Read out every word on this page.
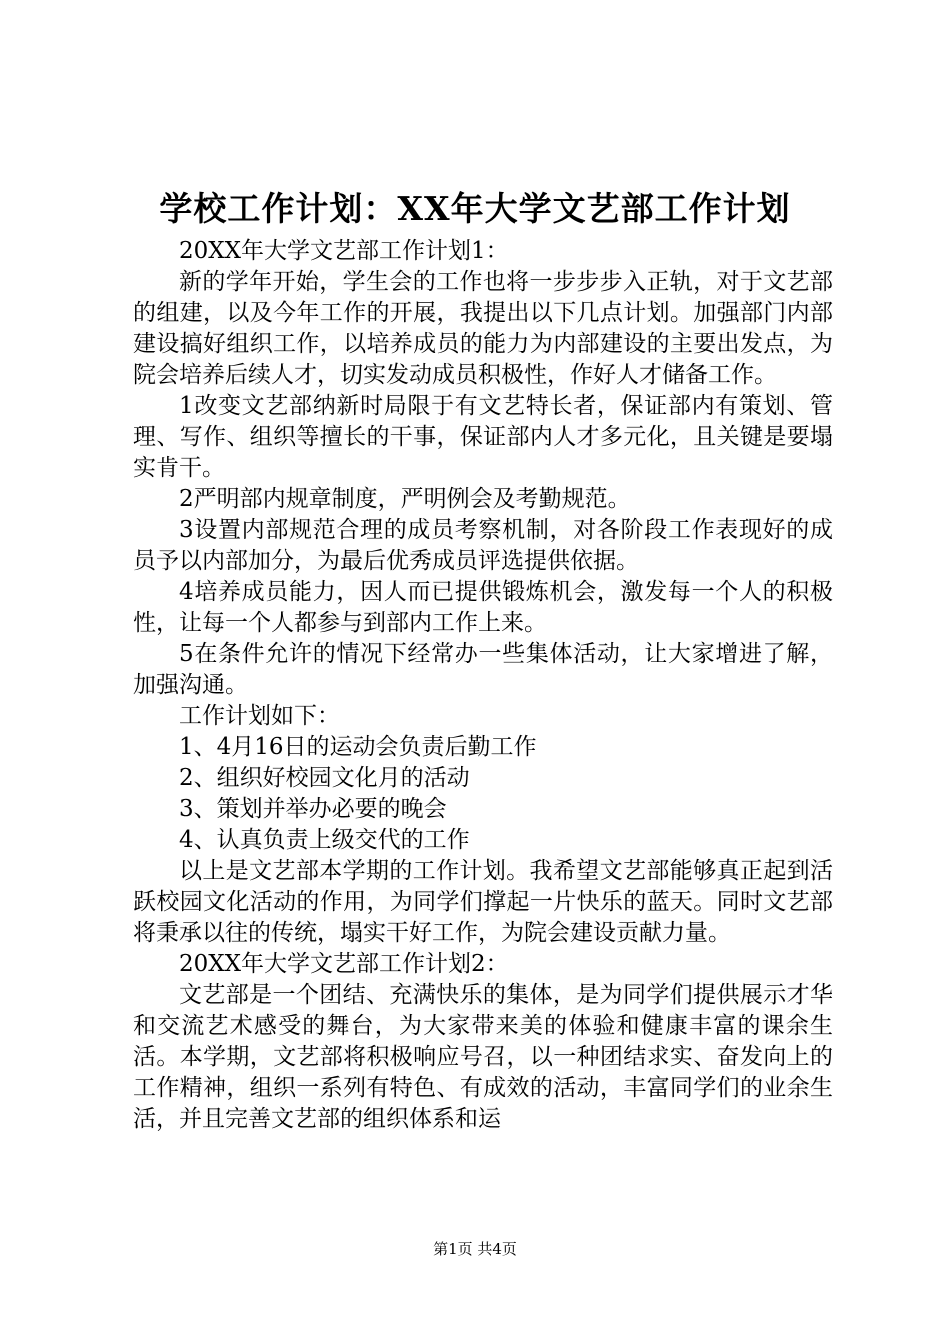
学校工作计划：XX年大学文艺部工作计划

20XX年大学文艺部工作计划1：

新的学年开始，学生会的工作也将一步步步入正轨，对于文艺部的组建，以及今年工作的开展，我提出以下几点计划。加强部门内部建设搞好组织工作，以培养成员的能力为内部建设的主要出发点，为院会培养后续人才，切实发动成员积极性，作好人才储备工作。

1改变文艺部纳新时局限于有文艺特长者，保证部内有策划、管理、写作、组织等擅长的干事，保证部内人才多元化，且关键是要塌实肯干。

2严明部内规章制度，严明例会及考勤规范。

3设置内部规范合理的成员考察机制，对各阶段工作表现好的成员予以内部加分，为最后优秀成员评选提供依据。

4培养成员能力，因人而已提供锻炼机会，激发每一个人的积极性，让每一个人都参与到部内工作上来。

5在条件允许的情况下经常办一些集体活动，让大家增进了解，加强沟通。

工作计划如下：

1、4月16日的运动会负责后勤工作

2、组织好校园文化月的活动

3、策划并举办必要的晚会

4、认真负责上级交代的工作

以上是文艺部本学期的工作计划。我希望文艺部能够真正起到活跃校园文化活动的作用，为同学们撑起一片快乐的蓝天。同时文艺部将秉承以往的传统，塌实干好工作，为院会建设贡献力量。

20XX年大学文艺部工作计划2：

文艺部是一个团结、充满快乐的集体，是为同学们提供展示才华和交流艺术感受的舞台，为大家带来美的体验和健康丰富的课余生活。本学期，文艺部将积极响应号召，以一种团结求实、奋发向上的工作精神，组织一系列有特色、有成效的活动，丰富同学们的业余生活，并且完善文艺部的组织体系和运

第1页 共4页
